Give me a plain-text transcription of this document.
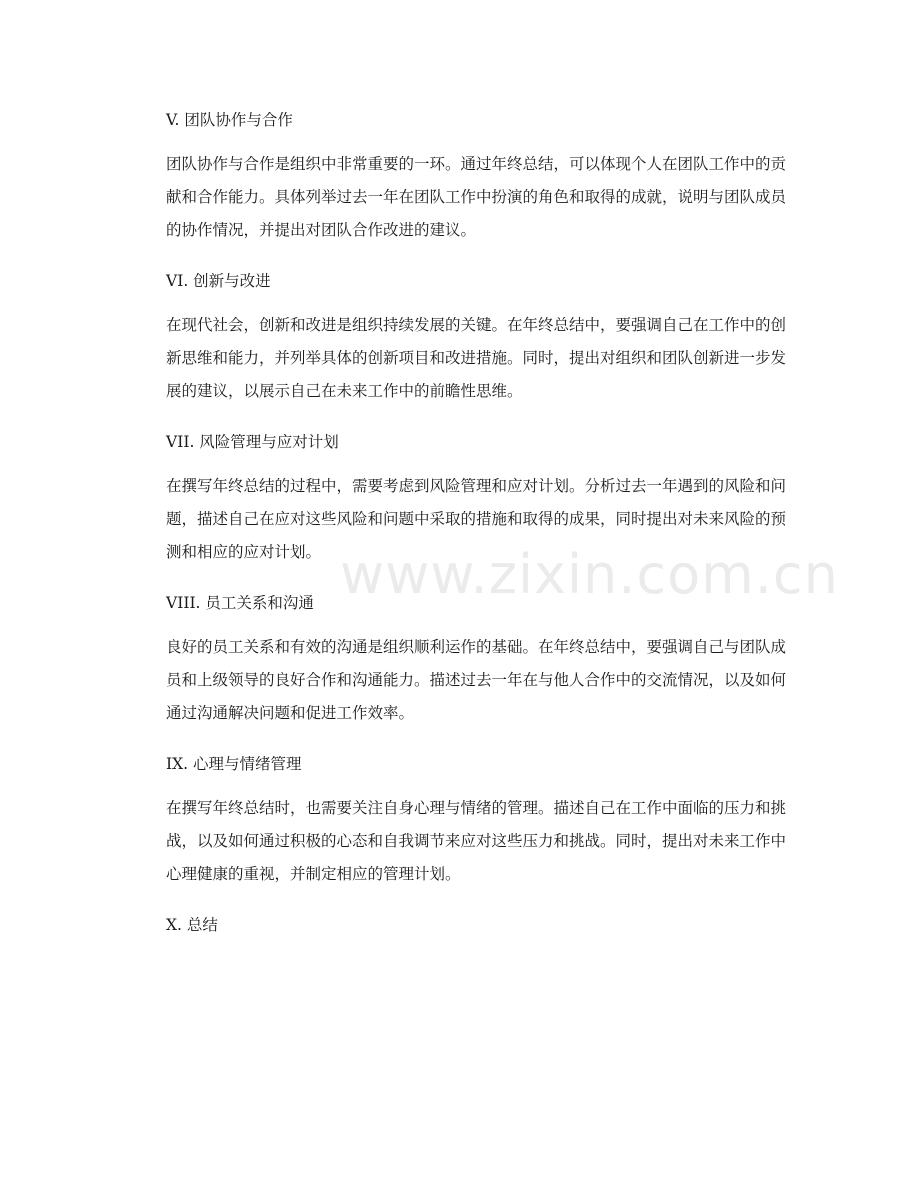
V. 团队协作与合作

团队协作与合作是组织中非常重要的一环。通过年终总结，可以体现个人在团队工作中的贡献和合作能力。具体列举过去一年在团队工作中扮演的角色和取得的成就，说明与团队成员的协作情况，并提出对团队合作改进的建议。

VI. 创新与改进

在现代社会，创新和改进是组织持续发展的关键。在年终总结中，要强调自己在工作中的创新思维和能力，并列举具体的创新项目和改进措施。同时，提出对组织和团队创新进一步发展的建议，以展示自己在未来工作中的前瞻性思维。

VII. 风险管理与应对计划

在撰写年终总结的过程中，需要考虑到风险管理和应对计划。分析过去一年遇到的风险和问题，描述自己在应对这些风险和问题中采取的措施和取得的成果，同时提出对未来风险的预测和相应的应对计划。

VIII. 员工关系和沟通

良好的员工关系和有效的沟通是组织顺利运作的基础。在年终总结中，要强调自己与团队成员和上级领导的良好合作和沟通能力。描述过去一年在与他人合作中的交流情况，以及如何通过沟通解决问题和促进工作效率。

IX. 心理与情绪管理

在撰写年终总结时，也需要关注自身心理与情绪的管理。描述自己在工作中面临的压力和挑战，以及如何通过积极的心态和自我调节来应对这些压力和挑战。同时，提出对未来工作中心理健康的重视，并制定相应的管理计划。

X. 总结
www.zixin.com.cn
